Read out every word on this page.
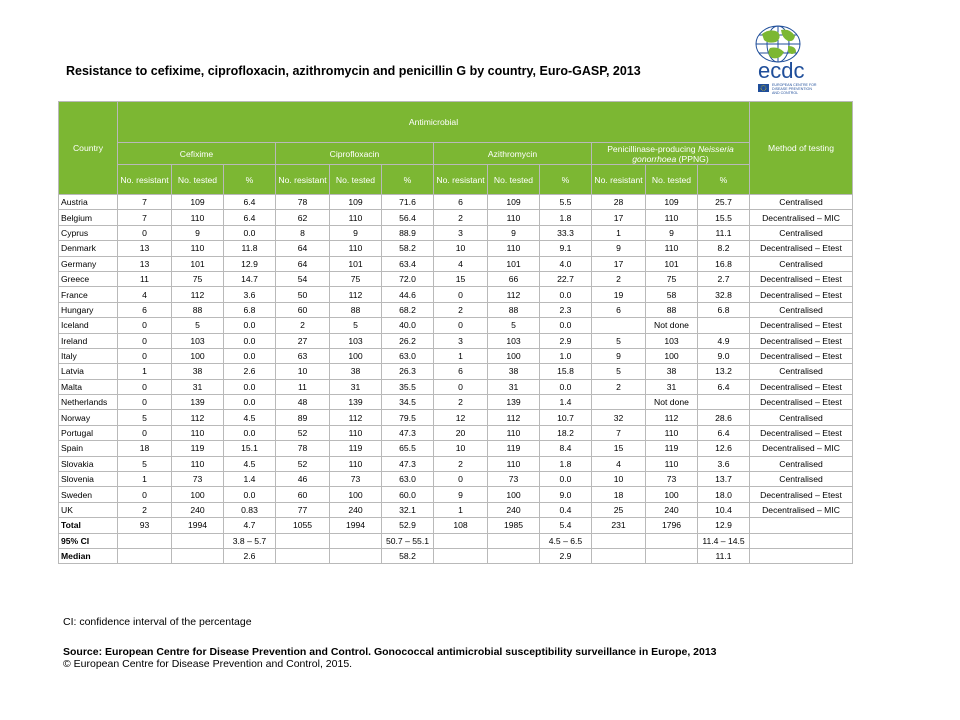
Resistance to cefixime, ciprofloxacin, azithromycin and penicillin G by country, Euro-GASP, 2013	ecdc
EUROPEAN CENTRE FOR
DISEASE PREVENTION
AND CONTROL
Country	Antimicrobial												Method of testing
	Cefixime			Ciprofloxacin			Azithromycin			Penicillinase-producing Neisseria gonorrhoea (PPNG)			
	No. resistant	No. tested	%	No. resistant	No. tested	%	No. resistant	No. tested	%	No. resistant	No. tested	%	
Austria	7	109	6.4	78	109	71.6	6	109	5.5	28	109	25.7	Centralised
Belgium	7	110	6.4	62	110	56.4	2	110	1.8	17	110	15.5	Decentralised – MIC
Cyprus	0	9	0.0	8	9	88.9	3	9	33.3	1	9	11.1	Centralised
Denmark	13	110	11.8	64	110	58.2	10	110	9.1	9	110	8.2	Decentralised – Etest
Germany	13	101	12.9	64	101	63.4	4	101	4.0	17	101	16.8	Centralised
Greece	11	75	14.7	54	75	72.0	15	66	22.7	2	75	2.7	Decentralised – Etest
France	4	112	3.6	50	112	44.6	0	112	0.0	19	58	32.8	Decentralised – Etest
Hungary	6	88	6.8	60	88	68.2	2	88	2.3	6	88	6.8	Centralised
Iceland	0	5	0.0	2	5	40.0	0	5	0.0		Not done		Decentralised – Etest
Ireland	0	103	0.0	27	103	26.2	3	103	2.9	5	103	4.9	Decentralised – Etest
Italy	0	100	0.0	63	100	63.0	1	100	1.0	9	100	9.0	Decentralised – Etest
Latvia	1	38	2.6	10	38	26.3	6	38	15.8	5	38	13.2	Centralised
Malta	0	31	0.0	11	31	35.5	0	31	0.0	2	31	6.4	Decentralised – Etest
Netherlands	0	139	0.0	48	139	34.5	2	139	1.4		Not done		Decentralised – Etest
Norway	5	112	4.5	89	112	79.5	12	112	10.7	32	112	28.6	Centralised
Portugal	0	110	0.0	52	110	47.3	20	110	18.2	7	110	6.4	Decentralised – Etest
Spain	18	119	15.1	78	119	65.5	10	119	8.4	15	119	12.6	Decentralised – MIC
Slovakia	5	110	4.5	52	110	47.3	2	110	1.8	4	110	3.6	Centralised
Slovenia	1	73	1.4	46	73	63.0	0	73	0.0	10	73	13.7	Centralised
Sweden	0	100	0.0	60	100	60.0	9	100	9.0	18	100	18.0	Decentralised – Etest
UK	2	240	0.83	77	240	32.1	1	240	0.4	25	240	10.4	Decentralised – MIC
Total	93	1994	4.7	1055	1994	52.9	108	1985	5.4	231	1796	12.9	
95% CI			3.8 – 5.7			50.7 – 55.1			4.5 – 6.5			11.4 – 14.5	
Median			2.6			58.2			2.9			11.1	
CI: confidence interval of the percentage
Source: European Centre for Disease Prevention and Control. Gonococcal antimicrobial susceptibility surveillance in Europe, 2013
© European Centre for Disease Prevention and Control, 2015.
